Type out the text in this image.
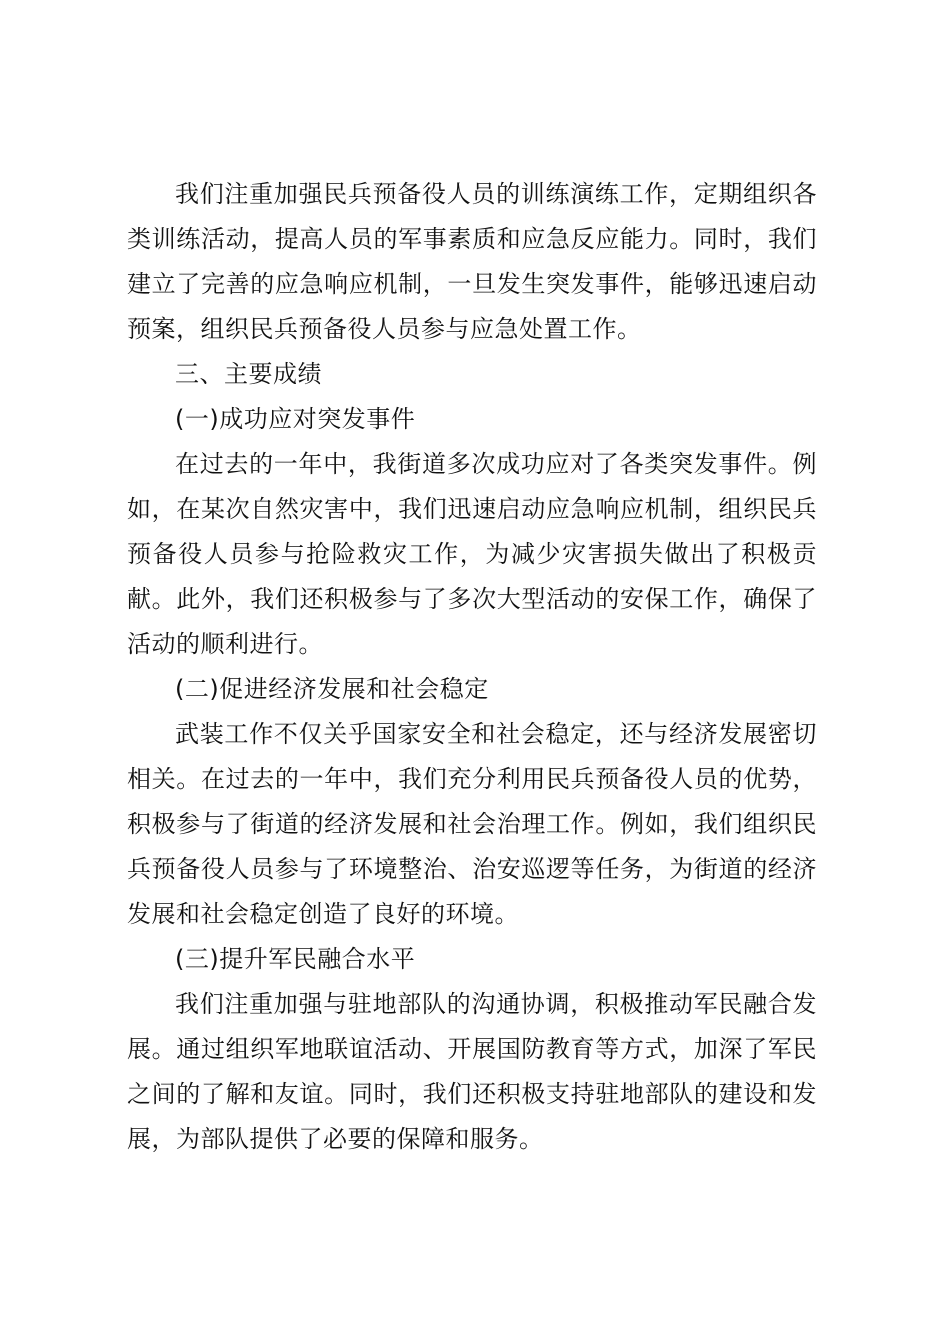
我们注重加强民兵预备役人员的训练演练工作，定期组织各类训练活动，提高人员的军事素质和应急反应能力。同时，我们建立了完善的应急响应机制，一旦发生突发事件，能够迅速启动预案，组织民兵预备役人员参与应急处置工作。

三、主要成绩

(一)成功应对突发事件

在过去的一年中，我街道多次成功应对了各类突发事件。例如，在某次自然灾害中，我们迅速启动应急响应机制，组织民兵预备役人员参与抢险救灾工作，为减少灾害损失做出了积极贡献。此外，我们还积极参与了多次大型活动的安保工作，确保了活动的顺利进行。

(二)促进经济发展和社会稳定

武装工作不仅关乎国家安全和社会稳定，还与经济发展密切相关。在过去的一年中，我们充分利用民兵预备役人员的优势，积极参与了街道的经济发展和社会治理工作。例如，我们组织民兵预备役人员参与了环境整治、治安巡逻等任务，为街道的经济发展和社会稳定创造了良好的环境。

(三)提升军民融合水平

我们注重加强与驻地部队的沟通协调，积极推动军民融合发展。通过组织军地联谊活动、开展国防教育等方式，加深了军民之间的了解和友谊。同时，我们还积极支持驻地部队的建设和发展，为部队提供了必要的保障和服务。
